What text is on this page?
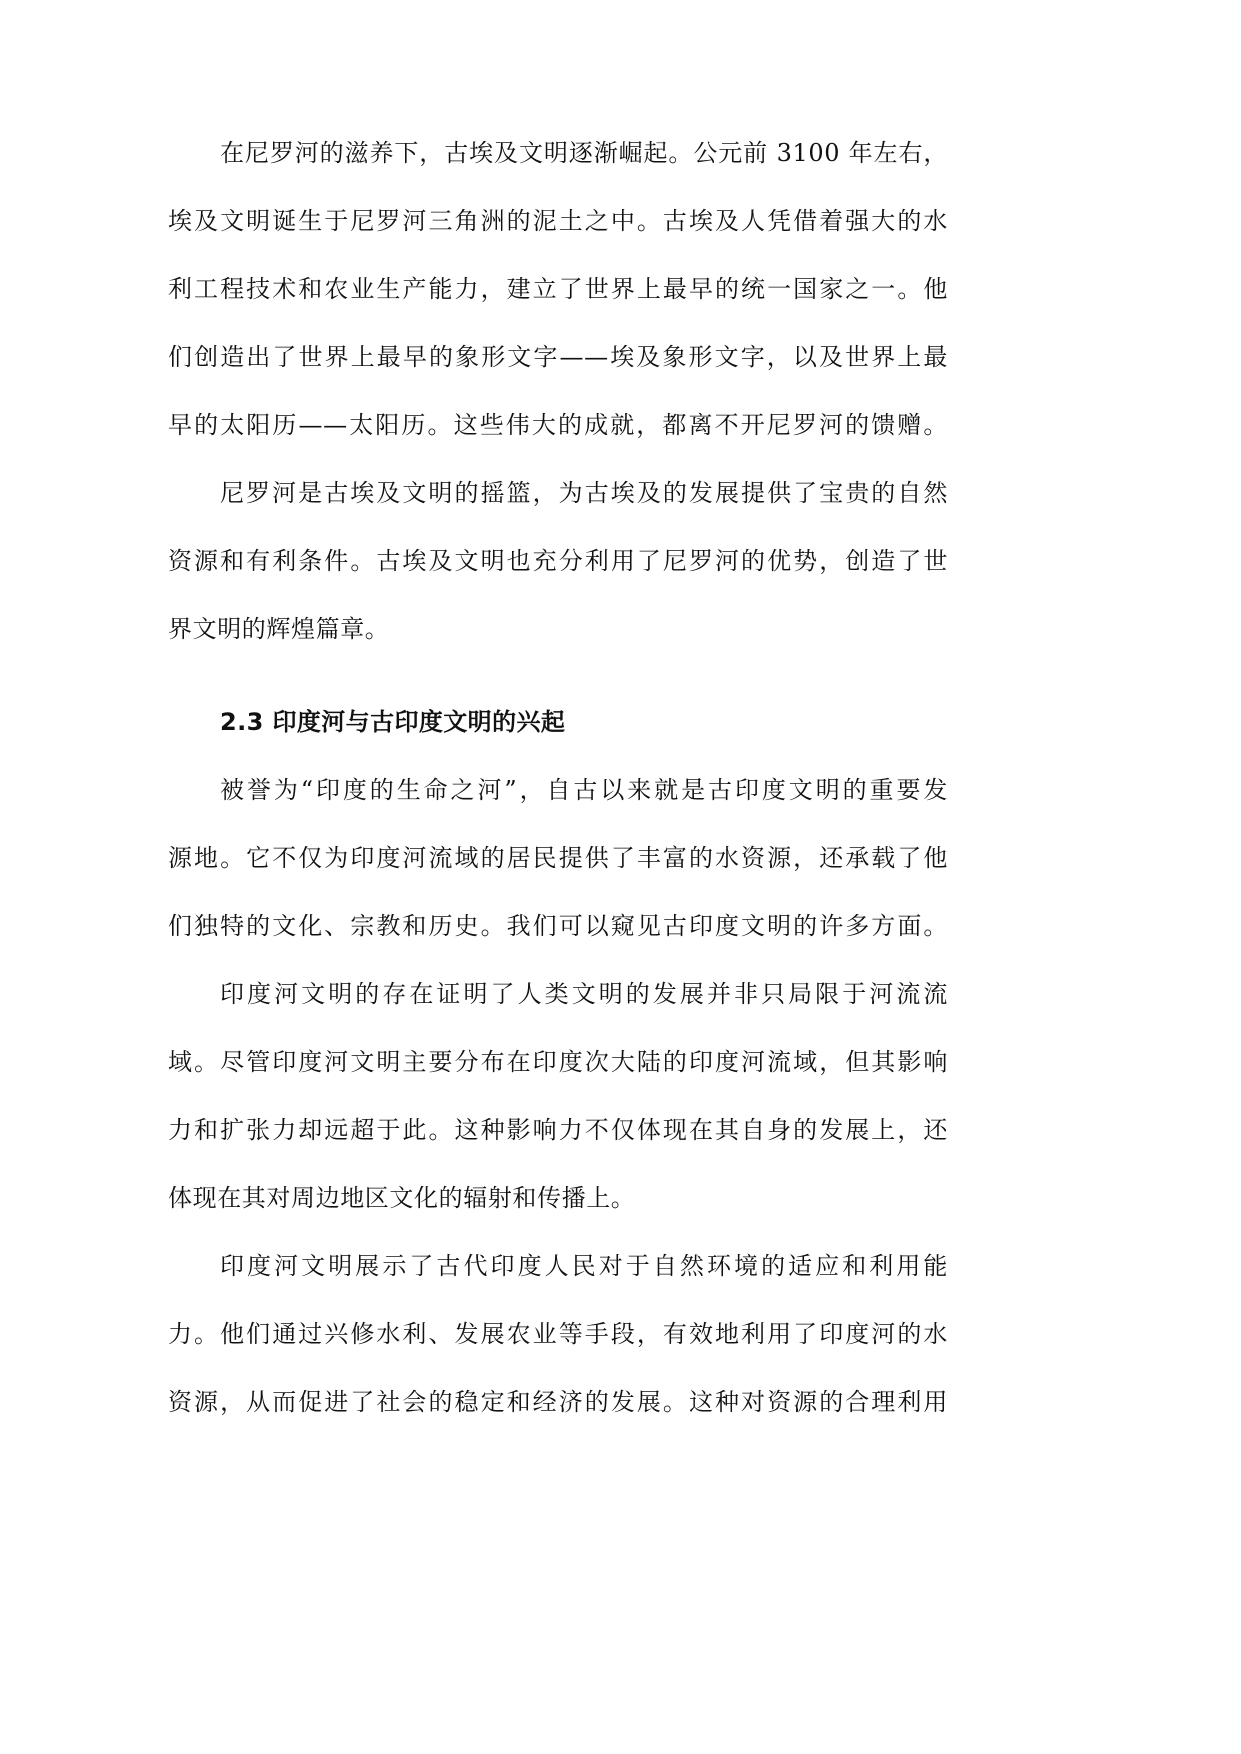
在尼罗河的滋养下，古埃及文明逐渐崛起。公元前 3100 年左右，
埃及文明诞生于尼罗河三角洲的泥土之中。古埃及人凭借着强大的水
利工程技术和农业生产能力，建立了世界上最早的统一国家之一。他
们创造出了世界上最早的象形文字——埃及象形文字，以及世界上最
早的太阳历——太阳历。这些伟大的成就，都离不开尼罗河的馈赠。
尼罗河是古埃及文明的摇篮，为古埃及的发展提供了宝贵的自然
资源和有利条件。古埃及文明也充分利用了尼罗河的优势，创造了世
界文明的辉煌篇章。
2.3 印度河与古印度文明的兴起
被誉为“印度的生命之河”，自古以来就是古印度文明的重要发
源地。它不仅为印度河流域的居民提供了丰富的水资源，还承载了他
们独特的文化、宗教和历史。我们可以窥见古印度文明的许多方面。
印度河文明的存在证明了人类文明的发展并非只局限于河流流
域。尽管印度河文明主要分布在印度次大陆的印度河流域，但其影响
力和扩张力却远超于此。这种影响力不仅体现在其自身的发展上，还
体现在其对周边地区文化的辐射和传播上。
印度河文明展示了古代印度人民对于自然环境的适应和利用能
力。他们通过兴修水利、发展农业等手段，有效地利用了印度河的水
资源，从而促进了社会的稳定和经济的发展。这种对资源的合理利用
